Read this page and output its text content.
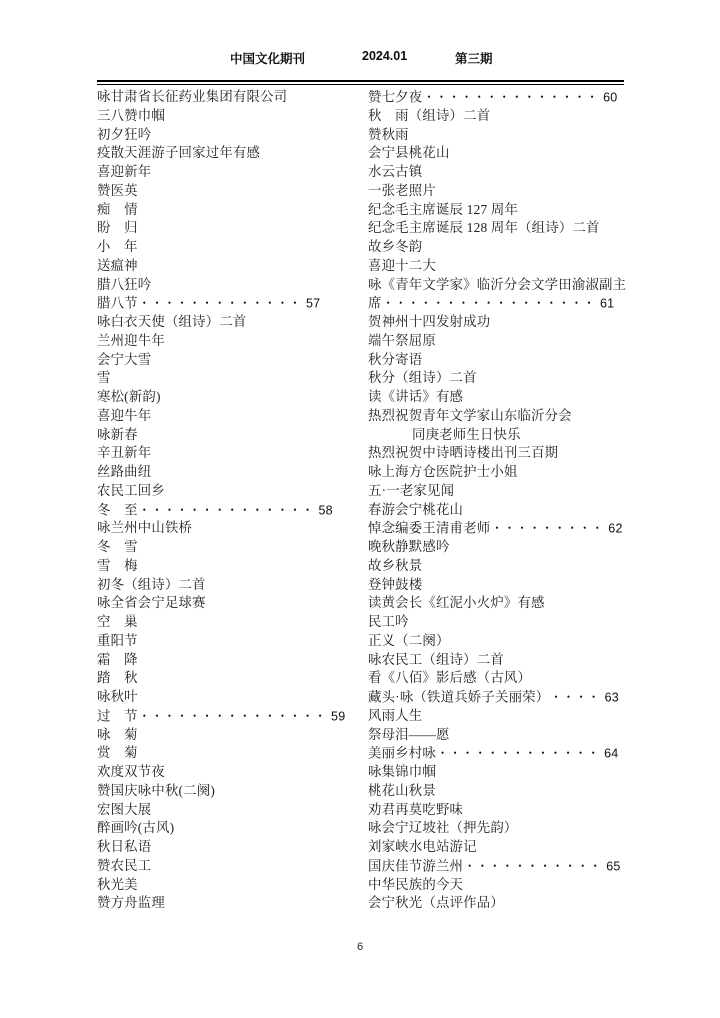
中国文化期刊	2024.01	第三期
咏甘肃省长征药业集团有限公司
三八赞巾帼
初夕狂吟
疫散天涯游子回家过年有感
喜迎新年
赞医英
痴　情
盼　归
小　年
送瘟神
腊八狂吟
腊八节 •••••••••••••57
咏白衣天使（组诗）二首
兰州迎牛年
会宁大雪
雪
寒松(新韵)
喜迎牛年
咏新春
辛丑新年
丝路曲纽
农民工回乡
冬　至 ••••••••••••••58
咏兰州中山铁桥
冬　雪
雪　梅
初冬（组诗）二首
咏全省会宁足球赛
空　巢
重阳节
霜　降
踏　秋
咏秋叶
过　节 •••••••••••••••59
咏　菊
赏　菊
欢度双节夜
赞国庆咏中秋(二阕)
宏图大展
醉画吟(古风)
秋日私语
赞农民工
秋光美
赞方舟监理
赞七夕夜 ••••••••••••••60
秋　雨（组诗）二首
赞秋雨
会宁县桃花山
水云古镇
一张老照片
纪念毛主席诞辰 127 周年
纪念毛主席诞辰 128 周年（组诗）二首
故乡冬韵
喜迎十二大
咏《青年文学家》临沂分会文学田渝淑副主
席 •••••••••••••••••61
贺神州十四发射成功
端午祭屈原
秋分寄语
秋分（组诗）二首
读《讲话》有感
热烈祝贺青年文学家山东临沂分会
同庚老师生日快乐
热烈祝贺中诗晒诗楼出刊三百期
咏上海方仓医院护士小姐
五·一老家见闻
春游会宁桃花山
悼念编委王清甫老师 •••••••••62
晚秋静默感吟
故乡秋景
登钟鼓楼
读黄会长《红泥小火炉》有感
民工吟
正义（二阕）
咏农民工（组诗）二首
看《八佰》影后感（古风）
藏头·咏（铁道兵娇子关丽荣） ••••63
风雨人生
祭母泪——愿
美丽乡村咏 •••••••••••••64
咏集锦巾帼
桃花山秋景
劝君再莫吃野味
咏会宁辽坡社（押先韵）
刘家峡水电站游记
国庆佳节游兰州 •••••••••••65
中华民族的今天
会宁秋光（点评作品）
6
